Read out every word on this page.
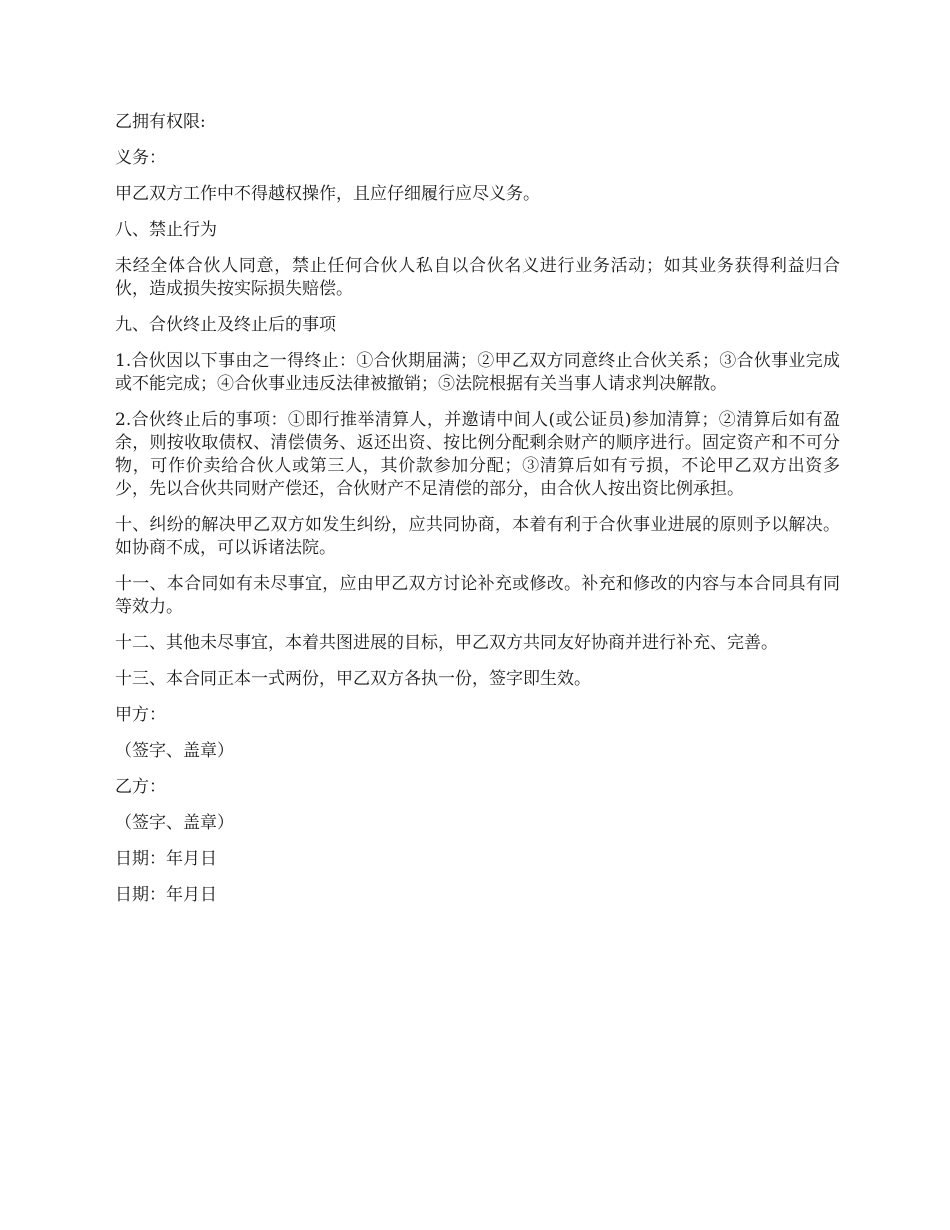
乙拥有权限:

义务：

甲乙双方工作中不得越权操作，且应仔细履行应尽义务。

八、禁止行为

未经全体合伙人同意，禁止任何合伙人私自以合伙名义进行业务活动；如其业务获得利益归合伙，造成损失按实际损失赔偿。

九、合伙终止及终止后的事项

1.合伙因以下事由之一得终止：①合伙期届满；②甲乙双方同意终止合伙关系；③合伙事业完成或不能完成；④合伙事业违反法律被撤销；⑤法院根据有关当事人请求判决解散。

2.合伙终止后的事项：①即行推举清算人，并邀请中间人(或公证员)参加清算；②清算后如有盈余，则按收取债权、清偿债务、返还出资、按比例分配剩余财产的顺序进行。固定资产和不可分物，可作价卖给合伙人或第三人，其价款参加分配；③清算后如有亏损，不论甲乙双方出资多少，先以合伙共同财产偿还，合伙财产不足清偿的部分，由合伙人按出资比例承担。

十、纠纷的解决甲乙双方如发生纠纷，应共同协商，本着有利于合伙事业进展的原则予以解决。如协商不成，可以诉诸法院。

十一、本合同如有未尽事宜，应由甲乙双方讨论补充或修改。补充和修改的内容与本合同具有同等效力。

十二、其他未尽事宜，本着共图进展的目标，甲乙双方共同友好协商并进行补充、完善。

十三、本合同正本一式两份，甲乙双方各执一份，签字即生效。

甲方：

（签字、盖章）

乙方：

（签字、盖章）

日期：年月日

日期：年月日
